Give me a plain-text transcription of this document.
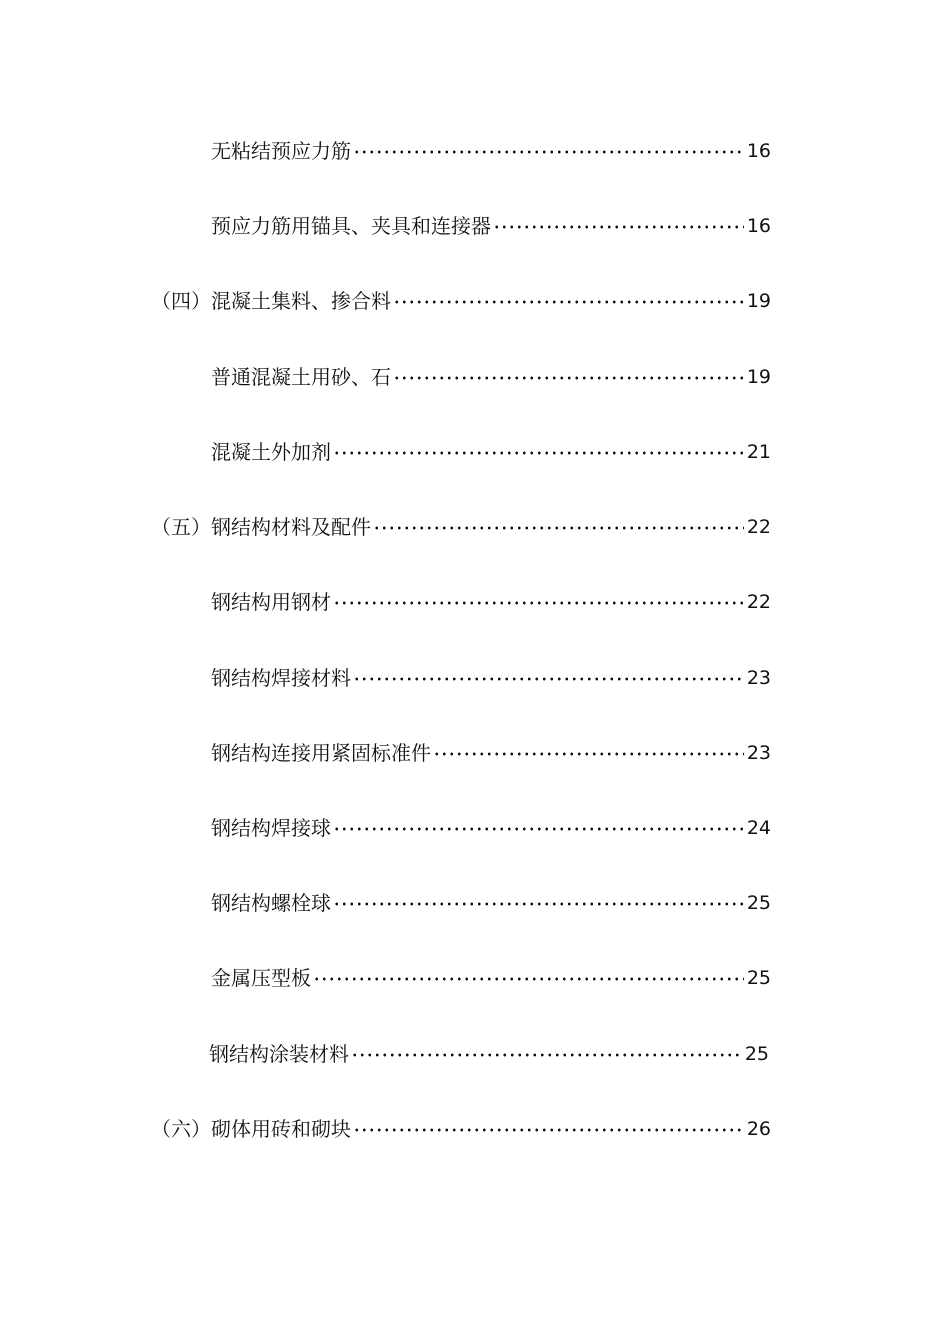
无粘结预应力筋	16
预应力筋用锚具、夹具和连接器	16
（四） 混凝土集料、掺合料	19
普通混凝土用砂、石	19
混凝土外加剂	21
（五） 钢结构材料及配件	22
钢结构用钢材	22
钢结构焊接材料	23
钢结构连接用紧固标准件	23
钢结构焊接球	24
钢结构螺栓球	25
金属压型板	25
钢结构涂装材料	25
（六） 砌体用砖和砌块	26
